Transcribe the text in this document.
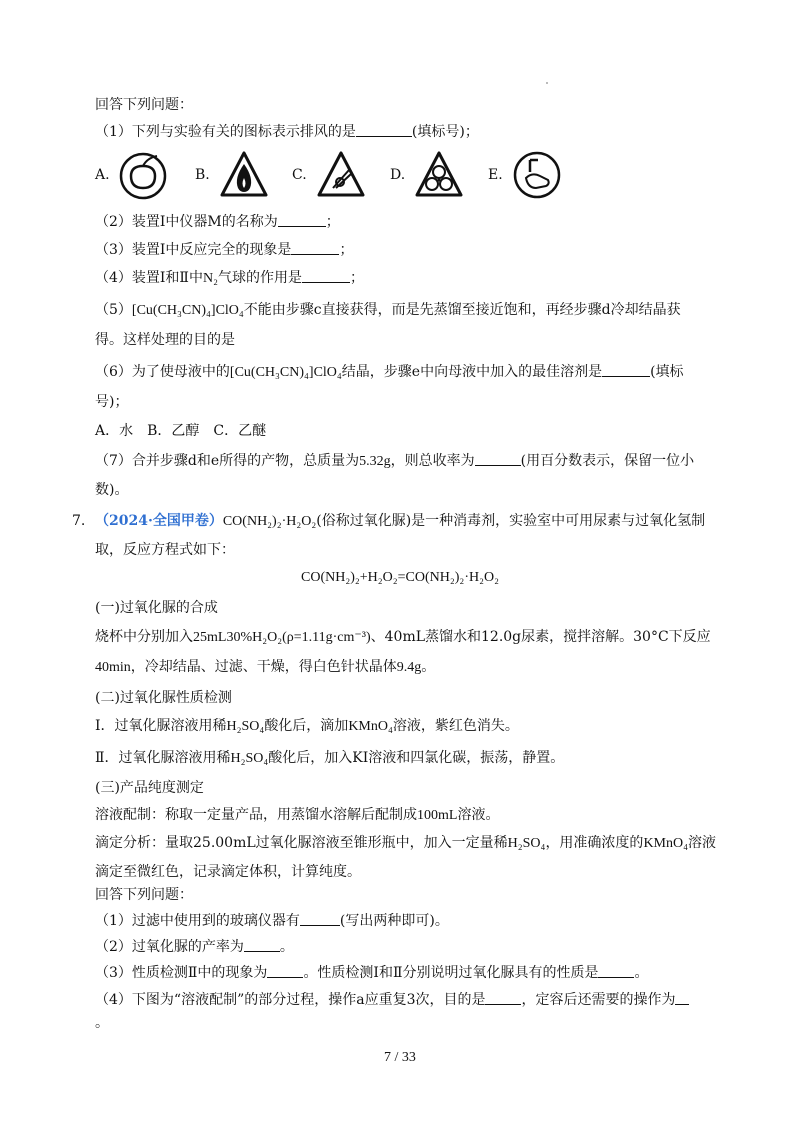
回答下列问题：
（1）下列与实验有关的图标表示排风的是	(填标号)；
A.	B.	C.	D.	E.
（2）装置Ⅰ中仪器M的名称为	；
（3）装置Ⅰ中反应完全的现象是	；
（4）装置Ⅰ和Ⅱ中N₂气球的作用是	；
（5）[Cu(CH₃CN)₄]ClO₄不能由步骤c直接获得，而是先蒸馏至接近饱和，再经步骤d冷却结晶获
得。这样处理的目的是
（6）为了使母液中的[Cu(CH₃CN)₄]ClO₄结晶，步骤e中向母液中加入的最佳溶剂是	(填标
号)；
A．水　B．乙醇　C．乙醚
（7）合并步骤d和e所得的产物，总质量为5.32g，则总收率为	(用百分数表示，保留一位小
数)。
7. （2024·全国甲卷）CO(NH₂)₂·H₂O₂(俗称过氧化脲)是一种消毒剂，实验室中可用尿素与过氧化氢制
取，反应方程式如下：
CO(NH₂)₂+H₂O₂=CO(NH₂)₂·H₂O₂
(一)过氧化脲的合成
烧杯中分别加入25mL30%H₂O₂(ρ=1.11g·cm⁻³)、40mL蒸馏水和12.0g尿素，搅拌溶解。30°C下反应
40min，冷却结晶、过滤、干燥，得白色针状晶体9.4g。
(二)过氧化脲性质检测
I．过氧化脲溶液用稀H₂SO₄酸化后，滴加KMnO₄溶液，紫红色消失。
Ⅱ．过氧化脲溶液用稀H₂SO₄酸化后，加入KI溶液和四氯化碳，振荡，静置。
(三)产品纯度测定
溶液配制：称取一定量产品，用蒸馏水溶解后配制成100mL溶液。
滴定分析：量取25.00mL过氧化脲溶液至锥形瓶中，加入一定量稀H₂SO₄，用准确浓度的KMnO₄溶液
滴定至微红色，记录滴定体积，计算纯度。
回答下列问题：
（1）过滤中使用到的玻璃仪器有	(写出两种即可)。
（2）过氧化脲的产率为	。
（3）性质检测Ⅱ中的现象为	。性质检测Ⅰ和Ⅱ分别说明过氧化脲具有的性质是	。
（4）下图为“溶液配制”的部分过程，操作a应重复3次，目的是	，定容后还需要的操作为
。
7 / 33
